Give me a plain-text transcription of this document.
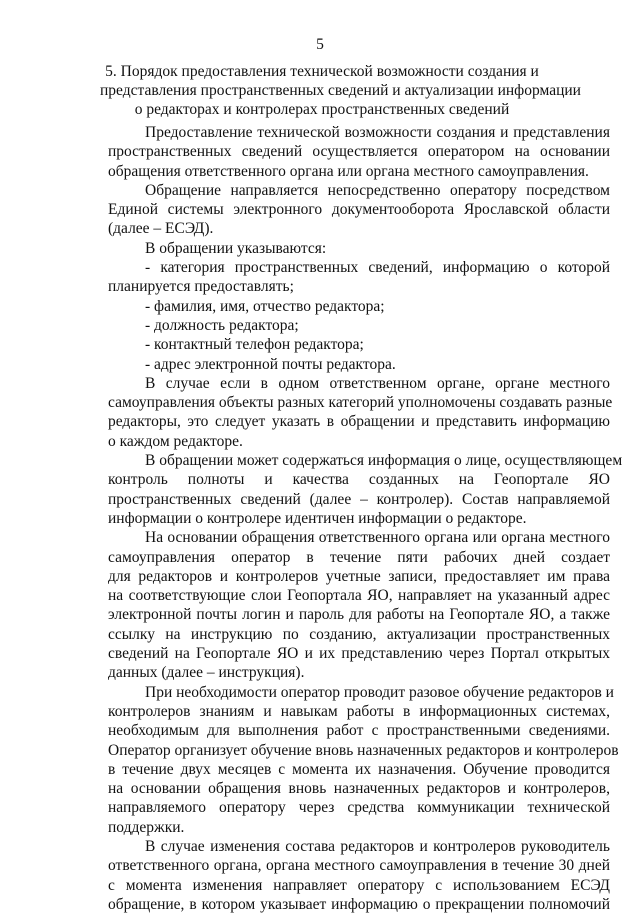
5
5. Порядок предоставления технической возможности создания и
представления пространственных сведений и актуализации информации
о редакторах и контролерах пространственных сведений
Предоставление технической возможности создания и представления
пространственных сведений осуществляется оператором на основании
обращения ответственного органа или органа местного самоуправления.
Обращение направляется непосредственно оператору посредством
Единой системы электронного документооборота Ярославской области
(далее – ЕСЭД).
В обращении указываются:
- категория пространственных сведений, информацию о которой
планируется предоставлять;
- фамилия, имя, отчество редактора;
- должность редактора;
- контактный телефон редактора;
- адрес электронной почты редактора.
В случае если в одном ответственном органе, органе местного
самоуправления объекты разных категорий уполномочены создавать разные
редакторы, это следует указать в обращении и представить информацию
о каждом редакторе.
В обращении может содержаться информация о лице, осуществляющем
контроль полноты и качества созданных на Геопортале ЯО
пространственных сведений (далее – контролер). Состав направляемой
информации о контролере идентичен информации о редакторе.
На основании обращения ответственного органа или органа местного
самоуправления оператор в течение пяти рабочих дней создает
для редакторов и контролеров учетные записи, предоставляет им права
на соответствующие слои Геопортала ЯО, направляет на указанный адрес
электронной почты логин и пароль для работы на Геопортале ЯО, а также
ссылку на инструкцию по созданию, актуализации пространственных
сведений на Геопортале ЯО и их представлению через Портал открытых
данных (далее – инструкция).
При необходимости оператор проводит разовое обучение редакторов и
контролеров знаниям и навыкам работы в информационных системах,
необходимым для выполнения работ с пространственными сведениями.
Оператор организует обучение вновь назначенных редакторов и контролеров
в течение двух месяцев с момента их назначения. Обучение проводится
на основании обращения вновь назначенных редакторов и контролеров,
направляемого оператору через средства коммуникации технической
поддержки.
В случае изменения состава редакторов и контролеров руководитель
ответственного органа, органа местного самоуправления в течение 30 дней
с момента изменения направляет оператору с использованием ЕСЭД
обращение, в котором указывает информацию о прекращении полномочий
